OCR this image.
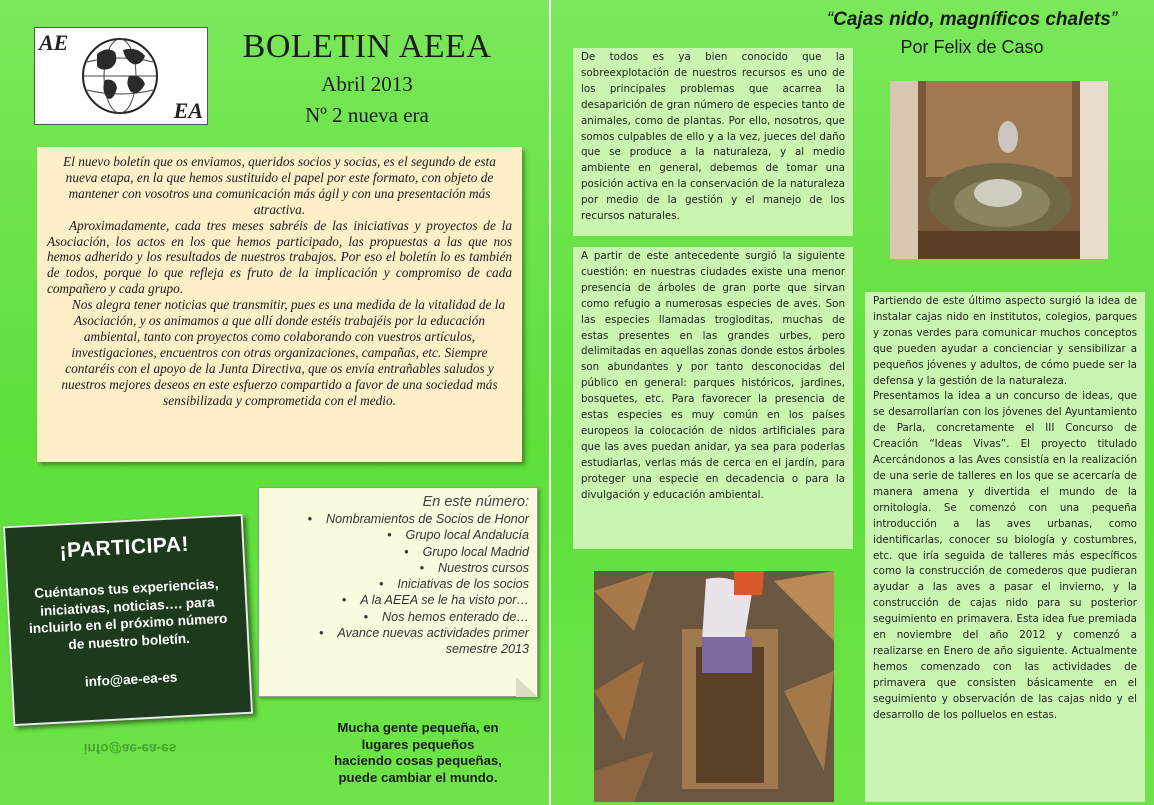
AE
EA
BOLETIN AEEA
Abril 2013
Nº 2 nueva era

El nuevo boletín que os enviamos, queridos socios y socias, es el segundo de esta nueva etapa, en la que hemos sustituido el papel por este formato, con objeto de mantener con vosotros una comunicación más ágil y con una presentación más atractiva.

Aproximadamente, cada tres meses sabréis de las iniciativas y proyectos de la Asociación, los actos en los que hemos participado, las propuestas a las que nos hemos adherido y los resultados de nuestros trabajos. Por eso el boletín lo es también de todos, porque lo que refleja es fruto de la implicación y compromiso de cada compañero y cada grupo.

Nos alegra tener noticias que transmitir, pues es una medida de la vitalidad de la Asociación, y os animamos a que allí donde estéis trabajéis por la educación ambiental, tanto con proyectos como colaborando con vuestros artículos, investigaciones, encuentros con otras organizaciones, campañas, etc. Siempre contaréis con el apoyo de la Junta Directiva, que os envía entrañables saludos y nuestros mejores deseos en este esfuerzo compartido a favor de una sociedad más sensibilizada y comprometida con el medio.

En este número:
• Nombramientos de Socios de Honor
• Grupo local Andalucía
• Grupo local Madrid
• Nuestros cursos
• Iniciativas de los socios
• A la AEEA se le ha visto por…
• Nos hemos enterado de…
• Avance nuevas actividades primer
semestre 2013
¡PARTICIPA!
Cuéntanos tus experiencias, iniciativas, noticias…. para incluirlo en el próximo número de nuestro boletín.
info@ae-ea-es
info@ae-ea-es
Mucha gente pequeña, en
lugares pequeños
haciendo cosas pequeñas,
puede cambiar el mundo.
“Cajas nido, magníficos chalets”
Por Felix de Caso

De todos es ya bien conocido que la sobreexplotación de nuestros recursos es uno de los principales problemas que acarrea la desaparición de gran número de especies tanto de animales, como de plantas. Por ello, nosotros, que somos culpables de ello y a la vez, jueces del daño que se produce a la naturaleza, y al medio ambiente en general, debemos de tomar una posición activa en la conservación de la naturaleza por medio de la gestión y el manejo de los recursos naturales.

A partir de este antecedente surgió la siguiente cuestión: en nuestras ciudades existe una menor presencia de árboles de gran porte que sirvan como refugio a numerosas especies de aves. Son las especies llamadas trogloditas, muchas de estas presentes en las grandes urbes, pero delimitadas en aquellas zonas donde estos árboles son abundantes y por tanto desconocidas del público en general: parques históricos, jardines, bosquetes, etc. Para favorecer la presencia de estas especies es muy común en los países europeos la colocación de nidos artificiales para que las aves puedan anidar, ya sea para poderlas estudiarlas, verlas más de cerca en el jardín, para proteger una especie en decadencia o para la divulgación y educación ambiental.

Partiendo de este último aspecto surgió la idea de instalar cajas nido en institutos, colegios, parques y zonas verdes para comunicar muchos conceptos que pueden ayudar a concienciar y sensibilizar a pequeños jóvenes y adultos, de cómo puede ser la defensa y la gestión de la naturaleza.

Presentamos la idea a un concurso de ideas, que se desarrollarían con los jóvenes del Ayuntamiento de Parla, concretamente el III Concurso de Creación “Ideas Vivas”. El proyecto titulado Acercándonos a las Aves consistía en la realización de una serie de talleres en los que se acercaría de manera amena y divertida el mundo de la ornitología. Se comenzó con una pequeña introducción a las aves urbanas, como identificarlas, conocer su biología y costumbres, etc. que iría seguida de talleres más específicos como la construcción de comederos que pudieran ayudar a las aves a pasar el invierno, y la construcción de cajas nido para su posterior seguimiento en primavera. Esta idea fue premiada en noviembre del año 2012 y comenzó a realizarse en Enero de año siguiente. Actualmente hemos comenzado con las actividades de primavera que consisten básicamente en el seguimiento y observación de las cajas nido y el desarrollo de los polluelos en estas.
